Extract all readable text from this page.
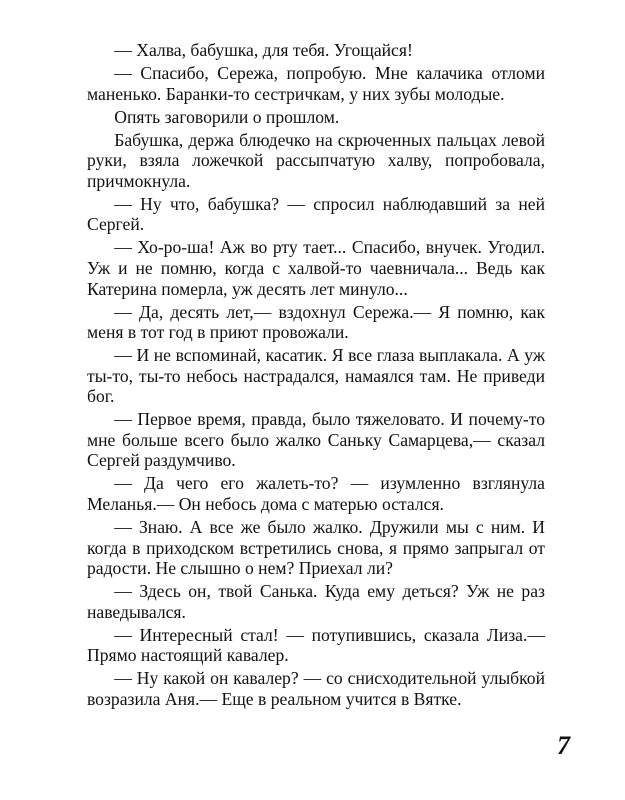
— Халва, бабушка, для тебя. Угощайся!

— Спасибо, Сережа, попробую. Мне калачика отломи маненько. Баранки-то сестричкам, у них зубы молодые.

Опять заговорили о прошлом.

Бабушка, держа блюдечко на скрюченных пальцах левой руки, взяла ложечкой рассыпчатую халву, попробовала, причмокнула.

— Ну что, бабушка? — спросил наблюдавший за ней Сергей.

— Хо-ро-ша! Аж во рту тает... Спасибо, внучек. Угодил. Уж и не помню, когда с халвой-то чаевничала... Ведь как Катерина померла, уж десять лет минуло...

— Да, десять лет,— вздохнул Сережа.— Я помню, как меня в тот год в приют провожали.

— И не вспоминай, касатик. Я все глаза выплакала. А уж ты-то, ты-то небось настрадался, намаялся там. Не приведи бог.

— Первое время, правда, было тяжеловато. И почему-то мне больше всего было жалко Саньку Самарцева,— сказал Сергей раздумчиво.

— Да чего его жалеть-то? — изумленно взглянула Меланья.— Он небось дома с матерью остался.

— Знаю. А все же было жалко. Дружили мы с ним. И когда в приходском встретились снова, я прямо запрыгал от радости. Не слышно о нем? Приехал ли?

— Здесь он, твой Санька. Куда ему деться? Уж не раз наведывался.

— Интересный стал! — потупившись, сказала Лиза.— Прямо настоящий кавалер.

— Ну какой он кавалер? — со снисходительной улыбкой возразила Аня.— Еще в реальном учится в Вятке.

7
